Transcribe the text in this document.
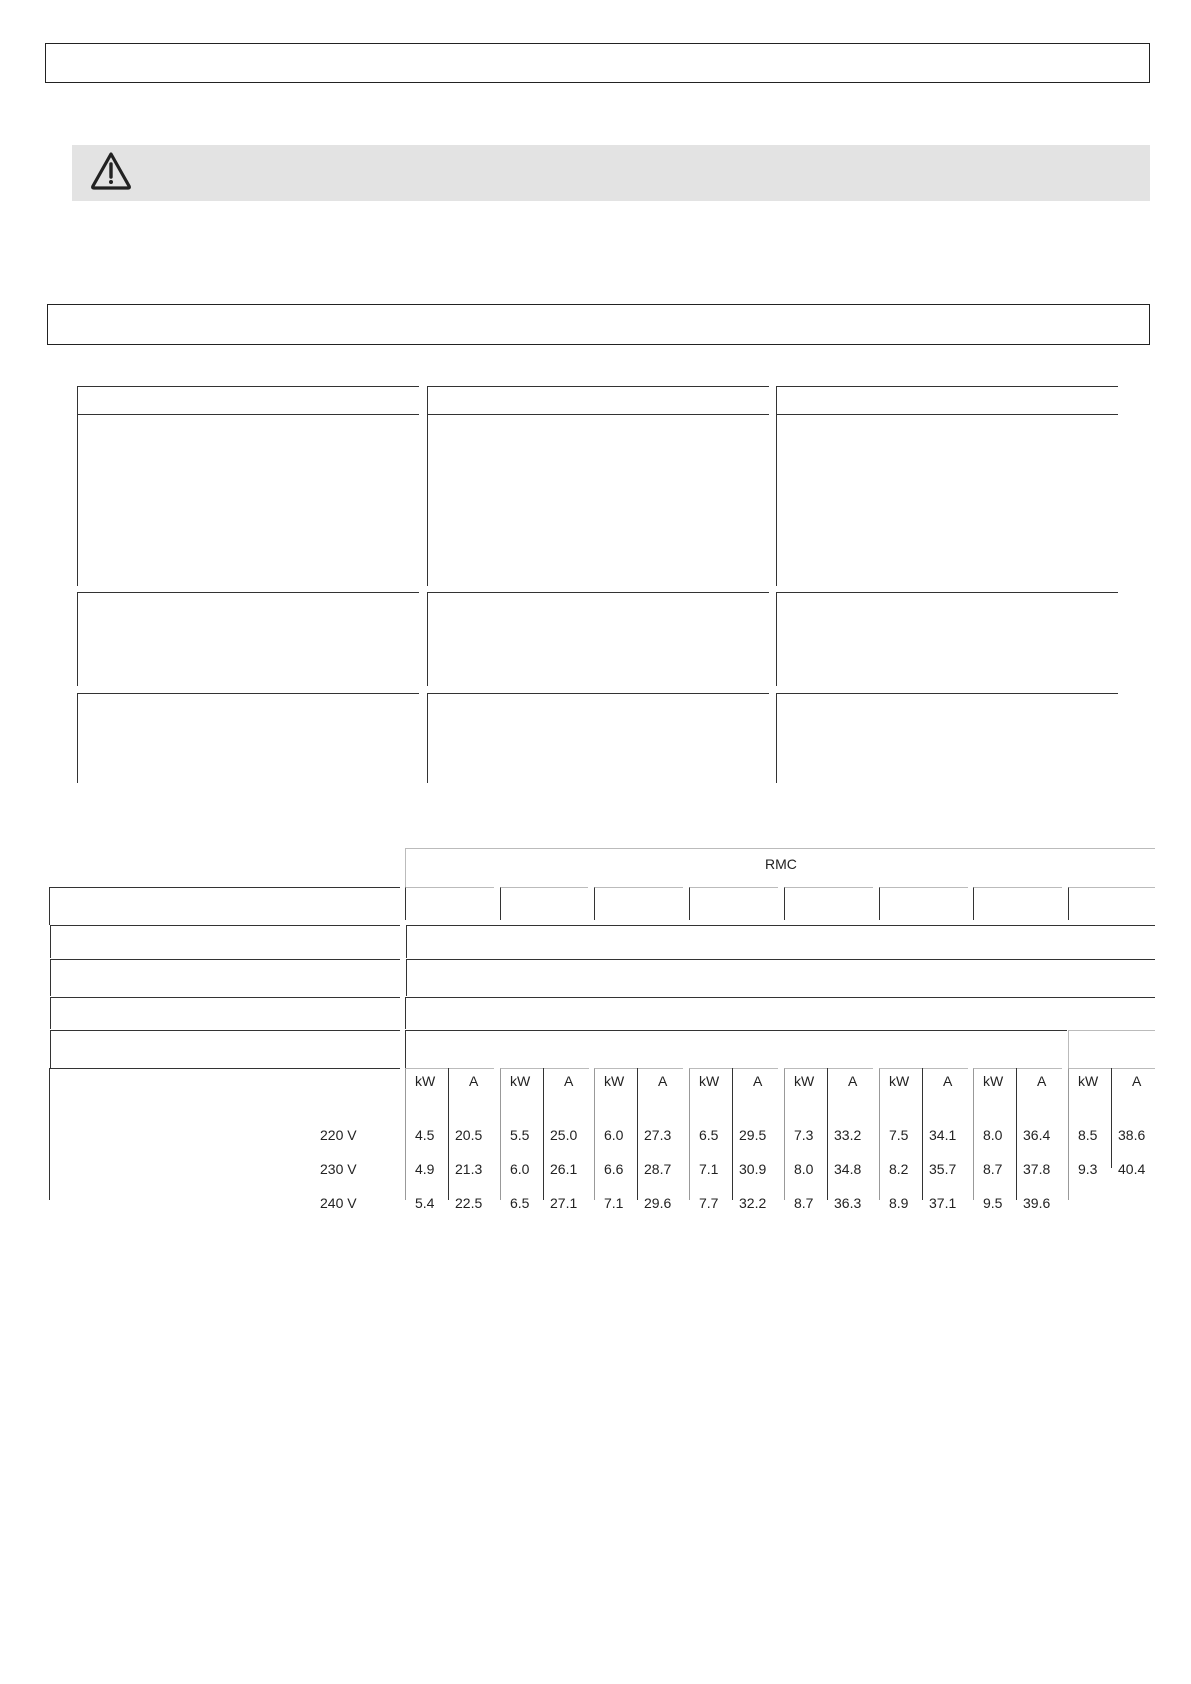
RMC
220 V
230 V
240 V
kW A
4.5 20.5
4.9 21.3
5.4 22.5
kW A
5.5 25.0
6.0 26.1
6.5 27.1
kW A
6.0 27.3
6.6 28.7
7.1 29.6
kW A
6.5 29.5
7.1 30.9
7.7 32.2
kW A
7.3 33.2
8.0 34.8
8.7 36.3
kW A
7.5 34.1
8.2 35.7
8.9 37.1
kW A
8.0 36.4
8.7 37.8
9.5 39.6
kW A
8.5 38.6
9.3 40.4
